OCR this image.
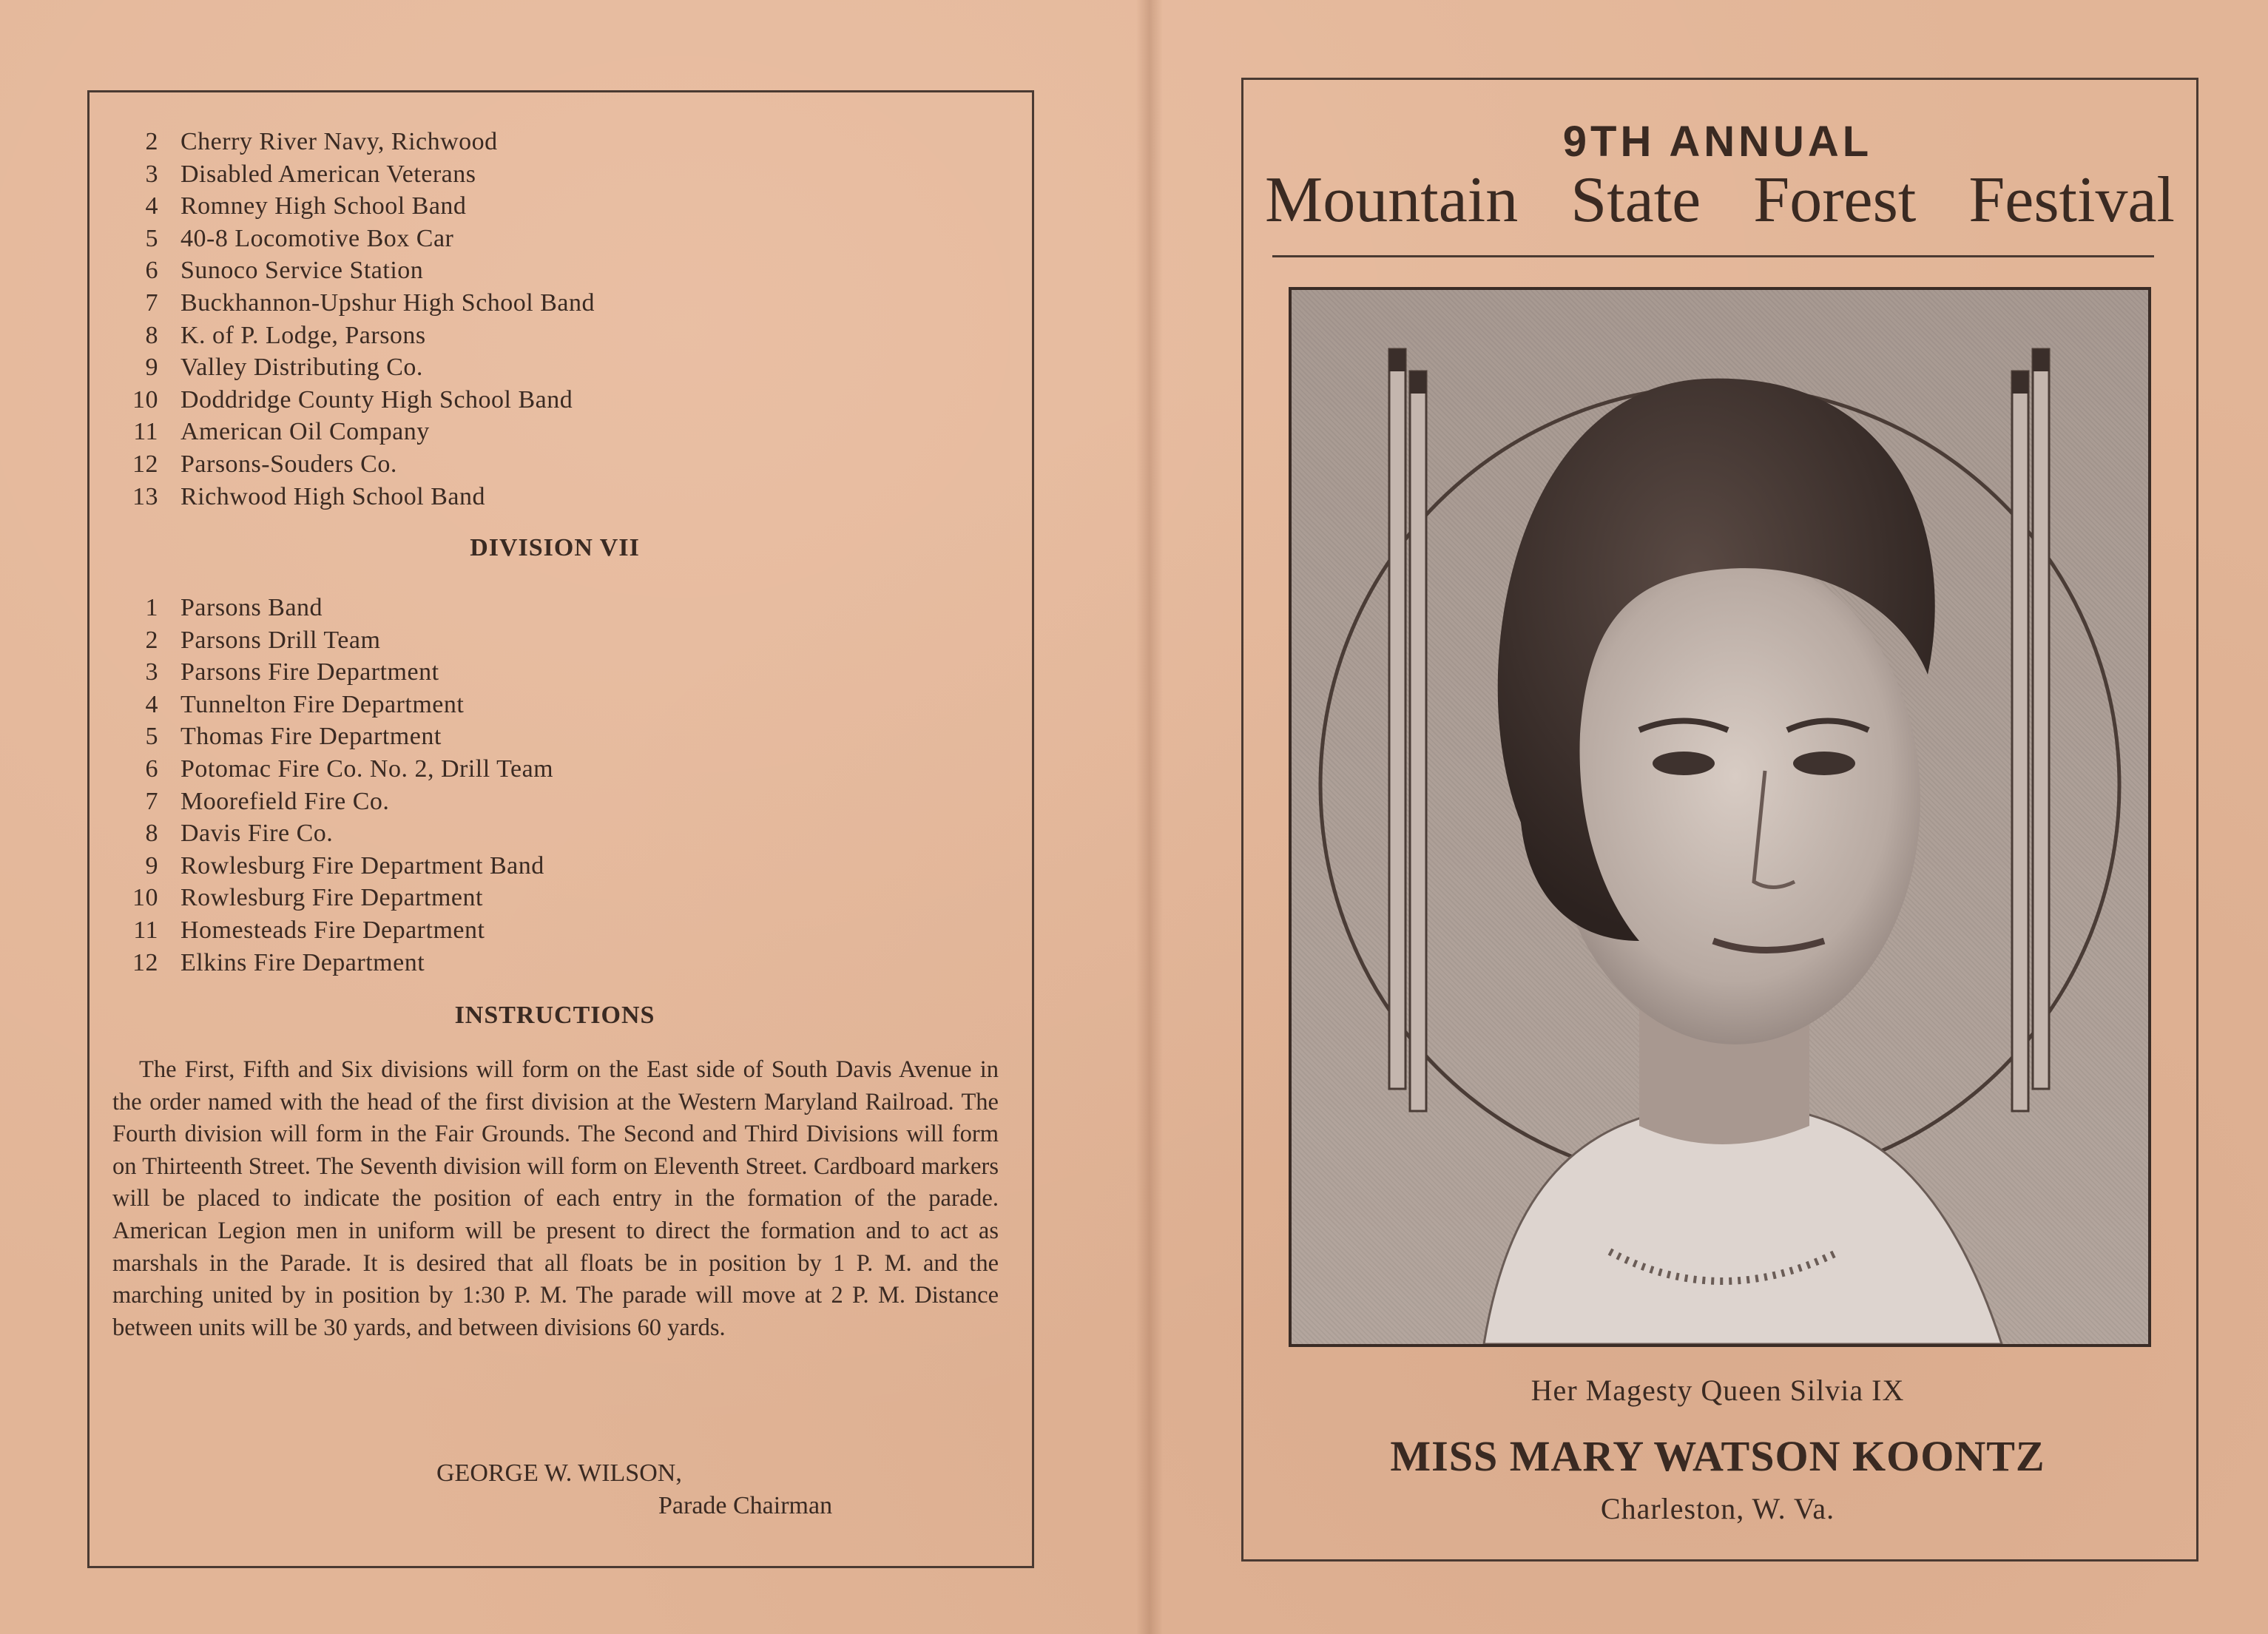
2 Cherry River Navy, Richwood
3 Disabled American Veterans
4 Romney High School Band
5 40-8 Locomotive Box Car
6 Sunoco Service Station
7 Buckhannon-Upshur High School Band
8 K. of P. Lodge, Parsons
9 Valley Distributing Co.
10 Doddridge County High School Band
11 American Oil Company
12 Parsons-Souders Co.
13 Richwood High School Band
DIVISION VII
1 Parsons Band
2 Parsons Drill Team
3 Parsons Fire Department
4 Tunnelton Fire Department
5 Thomas Fire Department
6 Potomac Fire Co. No. 2, Drill Team
7 Moorefield Fire Co.
8 Davis Fire Co.
9 Rowlesburg Fire Department Band
10 Rowlesburg Fire Department
11 Homesteads Fire Department
12 Elkins Fire Department
INSTRUCTIONS
The First, Fifth and Six divisions will form on the East side of South Davis Avenue in the order named with the head of the first division at the Western Maryland Railroad. The Fourth division will form in the Fair Grounds. The Second and Third Divisions will form on Thirteenth Street. The Seventh division will form on Eleventh Street. Cardboard markers will be placed to indicate the position of each entry in the formation of the parade. American Legion men in uniform will be present to direct the formation and to act as marshals in the Parade. It is desired that all floats be in position by 1 P. M. and the marching united by in position by 1:30 P. M. The parade will move at 2 P. M. Distance between units will be 30 yards, and between divisions 60 yards.
GEORGE W. WILSON,
Parade Chairman
9TH ANNUAL
Mountain State Forest Festival
Her Magesty Queen Silvia IX
MISS MARY WATSON KOONTZ
Charleston, W. Va.
